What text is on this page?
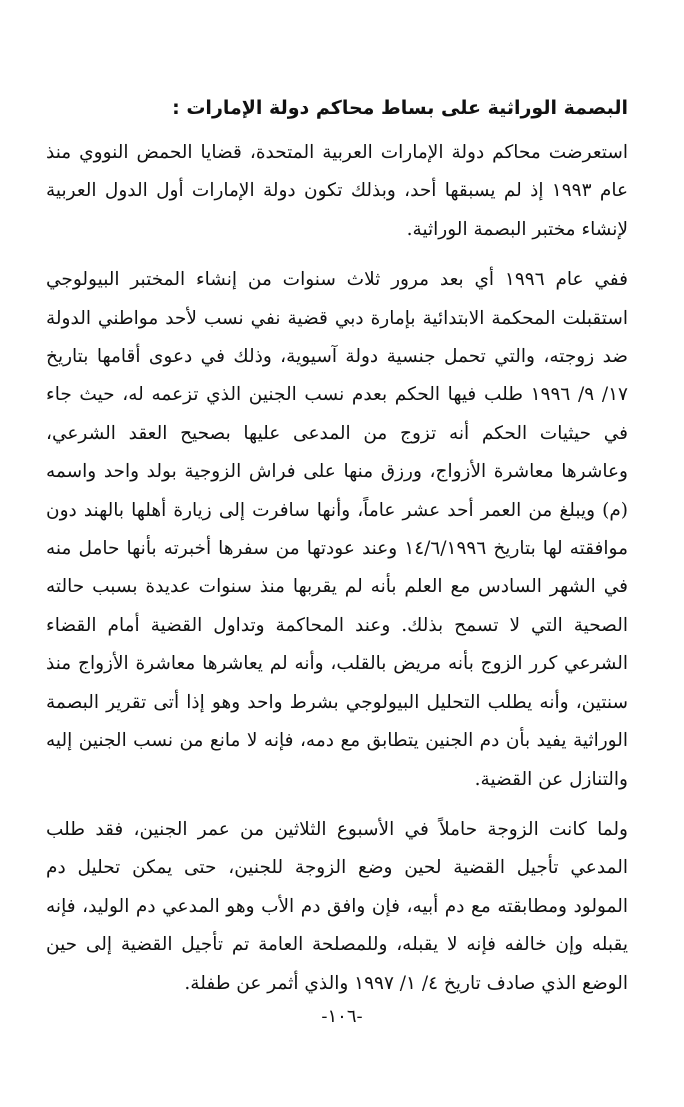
البصمة الوراثية على بساط محاكم دولة الإمارات :

استعرضت محاكم دولة الإمارات العربية المتحدة، قضايا الحمض النووي منذ عام ١٩٩٣ إذ لم يسبقها أحد، وبذلك تكون دولة الإمارات أول الدول العربية لإنشاء مختبر البصمة الوراثية.

ففي عام ١٩٩٦ أي بعد مرور ثلاث سنوات من إنشاء المختبر البيولوجي استقبلت المحكمة الابتدائية بإمارة دبي قضية نفي نسب لأحد مواطني الدولة ضد زوجته، والتي تحمل جنسية دولة آسيوية، وذلك في دعوى أقامها بتاريخ ١٧/ ٩/ ١٩٩٦ طلب فيها الحكم بعدم نسب الجنين الذي تزعمه له، حيث جاء في حيثيات الحكم أنه تزوج من المدعى عليها بصحيح العقد الشرعي، وعاشرها معاشرة الأزواج، ورزق منها على فراش الزوجية بولد واحد واسمه (م) ويبلغ من العمر أحد عشر عاماً، وأنها سافرت إلى زيارة أهلها بالهند دون موافقته لها بتاريخ ١٤/٦/١٩٩٦ وعند عودتها من سفرها أخبرته بأنها حامل منه في الشهر السادس مع العلم بأنه لم يقربها منذ سنوات عديدة بسبب حالته الصحية التي لا تسمح بذلك. وعند المحاكمة وتداول القضية أمام القضاء الشرعي كرر الزوج بأنه مريض بالقلب، وأنه لم يعاشرها معاشرة الأزواج منذ سنتين، وأنه يطلب التحليل البيولوجي بشرط واحد وهو إذا أتى تقرير البصمة الوراثية يفيد بأن دم الجنين يتطابق مع دمه، فإنه لا مانع من نسب الجنين إليه والتنازل عن القضية.

ولما كانت الزوجة حاملاً في الأسبوع الثلاثين من عمر الجنين، فقد طلب المدعي تأجيل القضية لحين وضع الزوجة للجنين، حتى يمكن تحليل دم المولود ومطابقته مع دم أبيه، فإن وافق دم الأب وهو المدعي دم الوليد، فإنه يقبله وإن خالفه فإنه لا يقبله، وللمصلحة العامة تم تأجيل القضية إلى حين الوضع الذي صادف تاريخ ٤/ ١/ ١٩٩٧ والذي أثمر عن طفلة.

-١٠٦-
